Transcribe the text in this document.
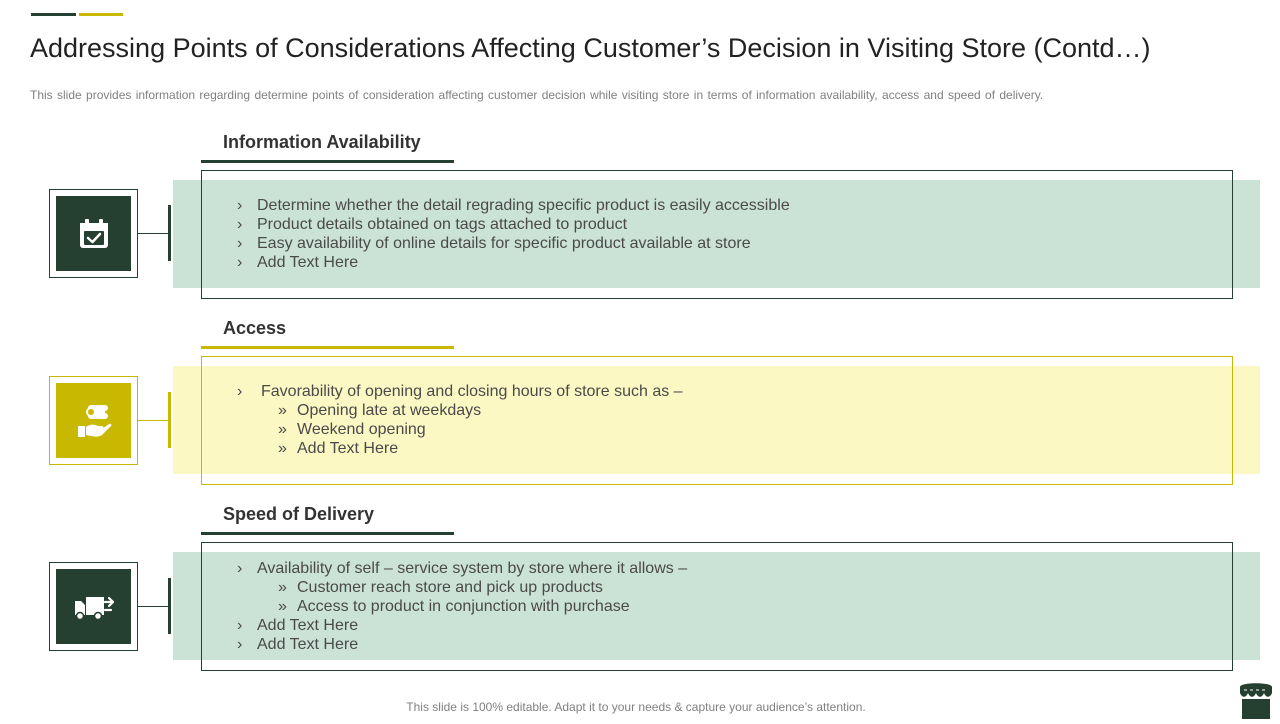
Addressing Points of Considerations Affecting Customer’s Decision in Visiting Store (Contd…)
This slide provides information regarding determine points of consideration affecting customer decision while visiting store in terms of information availability, access and speed of delivery.
Information Availability
› Determine whether the detail regrading specific product is easily accessible
› Product details obtained on tags attached to product
› Easy availability of online details for specific product available at store
› Add Text Here
Access
› Favorability of opening and closing hours of store such as –
» Opening late at weekdays
» Weekend opening
» Add Text Here
Speed of Delivery
› Availability of self – service system by store where it allows –
» Customer reach store and pick up products
» Access to product in conjunction with purchase
› Add Text Here
› Add Text Here
This slide is 100% editable. Adapt it to your needs & capture your audience’s attention.
